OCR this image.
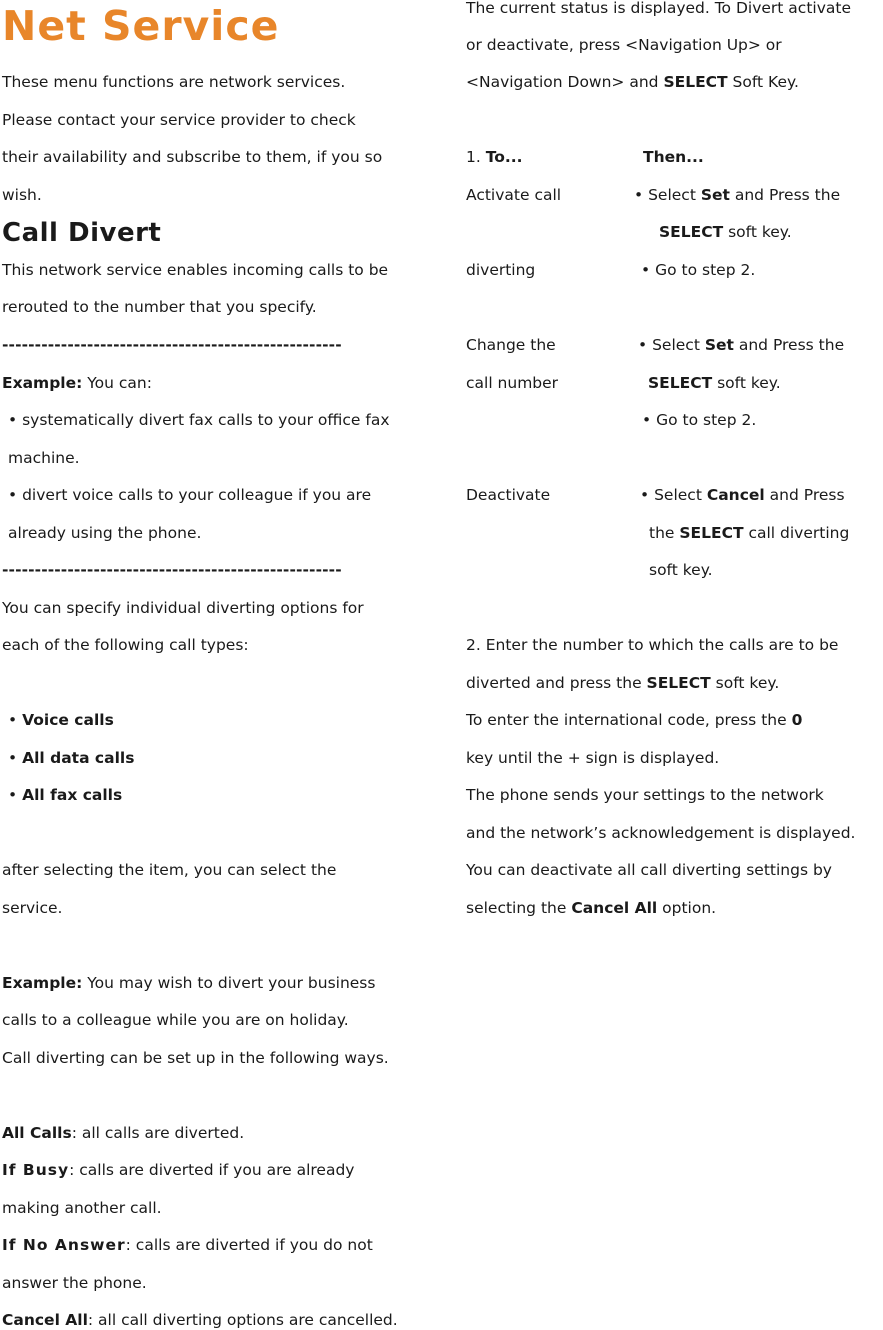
Net Service
These menu functions are network services.
Please contact your service provider to check
their availability and subscribe to them, if you so
wish.
Call Divert
This network service enables incoming calls to be
rerouted to the number that you specify.
----------------------------------------------------
Example: You can:
• systematically divert fax calls to your office fax
machine.
• divert voice calls to your colleague if you are
already using the phone.
----------------------------------------------------
You can specify individual diverting options for
each of the following call types:
• Voice calls
• All data calls
• All fax calls
after selecting the item, you can select the
service.
Example: You may wish to divert your business
calls to a colleague while you are on holiday.
Call diverting can be set up in the following ways.
All Calls: all calls are diverted.
If Busy: calls are diverted if you are already
making another call.
If No Answer: calls are diverted if you do not
answer the phone.
Cancel All: all call diverting options are cancelled.
The current status is displayed. To Divert activate
or deactivate, press <Navigation Up> or
<Navigation Down> and SELECT Soft Key.
1. To...	Then...
Activate call	• Select Set and Press the
SELECT soft key.
diverting	• Go to step 2.
Change the	• Select Set and Press the
call number	SELECT soft key.
• Go to step 2.
Deactivate	• Select Cancel and Press
the SELECT call diverting
soft key.
2. Enter the number to which the calls are to be
diverted and press the SELECT soft key.
To enter the international code, press the 0
key until the + sign is displayed.
The phone sends your settings to the network
and the network’s acknowledgement is displayed.
You can deactivate all call diverting settings by
selecting the Cancel All option.
